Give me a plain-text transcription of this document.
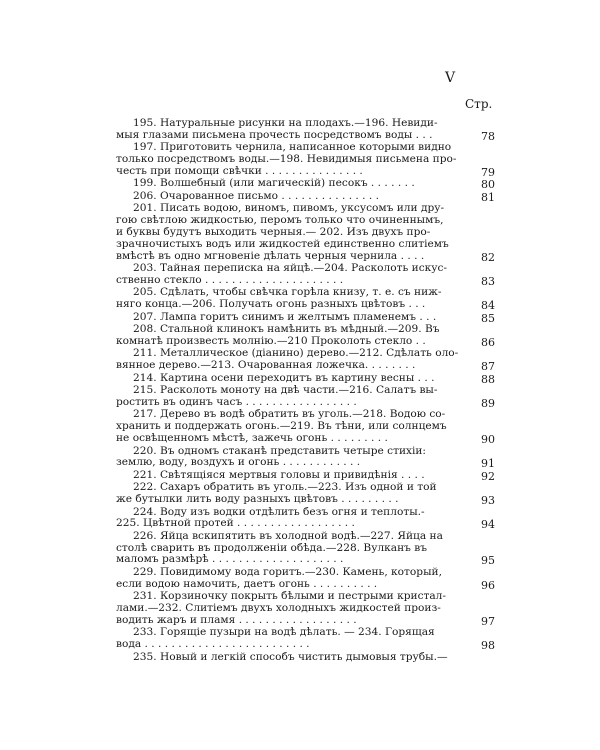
V
Стр.
195. Натуральные рисунки на плодахъ.—196. Невиди-
мыя глазами письмена прочесть посредствомъ воды . . .	78
197. Приготовить чернила, написанное которыми видно
только посредствомъ воды.—198. Невидимыя письмена про-
честь при помощи свѣчки . . . . . . . . . . . . . . .	79
199. Волшебный (или магическій) песокъ . . . . . . .	80
206. Очарованное письмо . . . . . . . . . . . . . . .	81
201. Писать водою, виномъ, пивомъ, уксусомъ или дру-
гою свѣтлою жидкостью, перомъ только что очиненнымъ,
и буквы будутъ выходить черныя.— 202. Изъ двухъ про-
зрачночистыхъ водъ или жидкостей единственно слитіемъ
вмѣстѣ въ одно мгновеніе дѣлать черныя чернила . . . .	82
203. Тайная переписка на яйцѣ.—204. Расколоть искус-
ственно стекло . . . . . . . . . . . . . . . . . . . . .	83
205. Сдѣлать, чтобы свѣчка горѣла книзу, т. е. съ ниж-
няго конца.—206. Получать огонь разныхъ цвѣтовъ . . .	84
207. Лампа горитъ синимъ и желтымъ пламенемъ . . .	85
208. Стальной клинокъ намѣнить въ мѣдный.—209. Въ
комнатѣ произвесть молнію.—210 Проколоть стекло . .	86
211. Металлическое (діанино) дерево.—212. Сдѣлать оло-
вянное дерево.—213. Очарованная ложечка. . . . . . . .	87
214. Картина осени переходитъ въ картину весны . . .	88
215. Расколоть моноту на двѣ части.—216. Салатъ вы-
ростить въ одинъ часъ . . . . . . . . . . . . . . . . .	89
217. Дерево въ водѣ обратить въ уголь.—218. Водою со-
хранить и поддержать огонь.—219. Въ тѣни, или солнцемъ
не освѣщенномъ мѣстѣ, зажечь огонь . . . . . . . . .	90
220. Въ одномъ стаканѣ представить четыре стихіи:
землю, воду, воздухъ и огонь . . . . . . . . . . . .	91
221. Свѣтящіяся мертвыя головы и привидѣнія . . . .	92
222. Сахаръ обратить въ уголь.—223. Изъ одной и той
же бутылки лить воду разныхъ цвѣтовъ . . . . . . . . .	93
224. Воду изъ водки отдѣлить безъ огня и теплоты.-
225. Цвѣтной протей . . . . . . . . . . . . . . . . . .	94
226. Яйца вскипятить въ холодной водѣ.—227. Яйца на
столѣ сварить въ продолженіи обѣда.—228. Вулканъ въ
маломъ размѣрѣ . . . . . . . . . . . . . . . . . . . .	95
229. Повидимому вода горитъ.—230. Камень, который,
если водою намочить, даетъ огонь . . . . . . . . . .	96
231. Корзиночку покрыть бѣлыми и пестрыми кристал-
лами.—232. Слитіемъ двухъ холодныхъ жидкостей произ-
водить жаръ и пламя . . . . . . . . . . . . . . . . . .	97
233. Горящіе пузыри на водѣ дѣлать. — 234. Горящая
вода . . . . . . . . . . . . . . . . . . . . . . . . .	98
235. Новый и легкій способъ чистить дымовыя трубы.—
